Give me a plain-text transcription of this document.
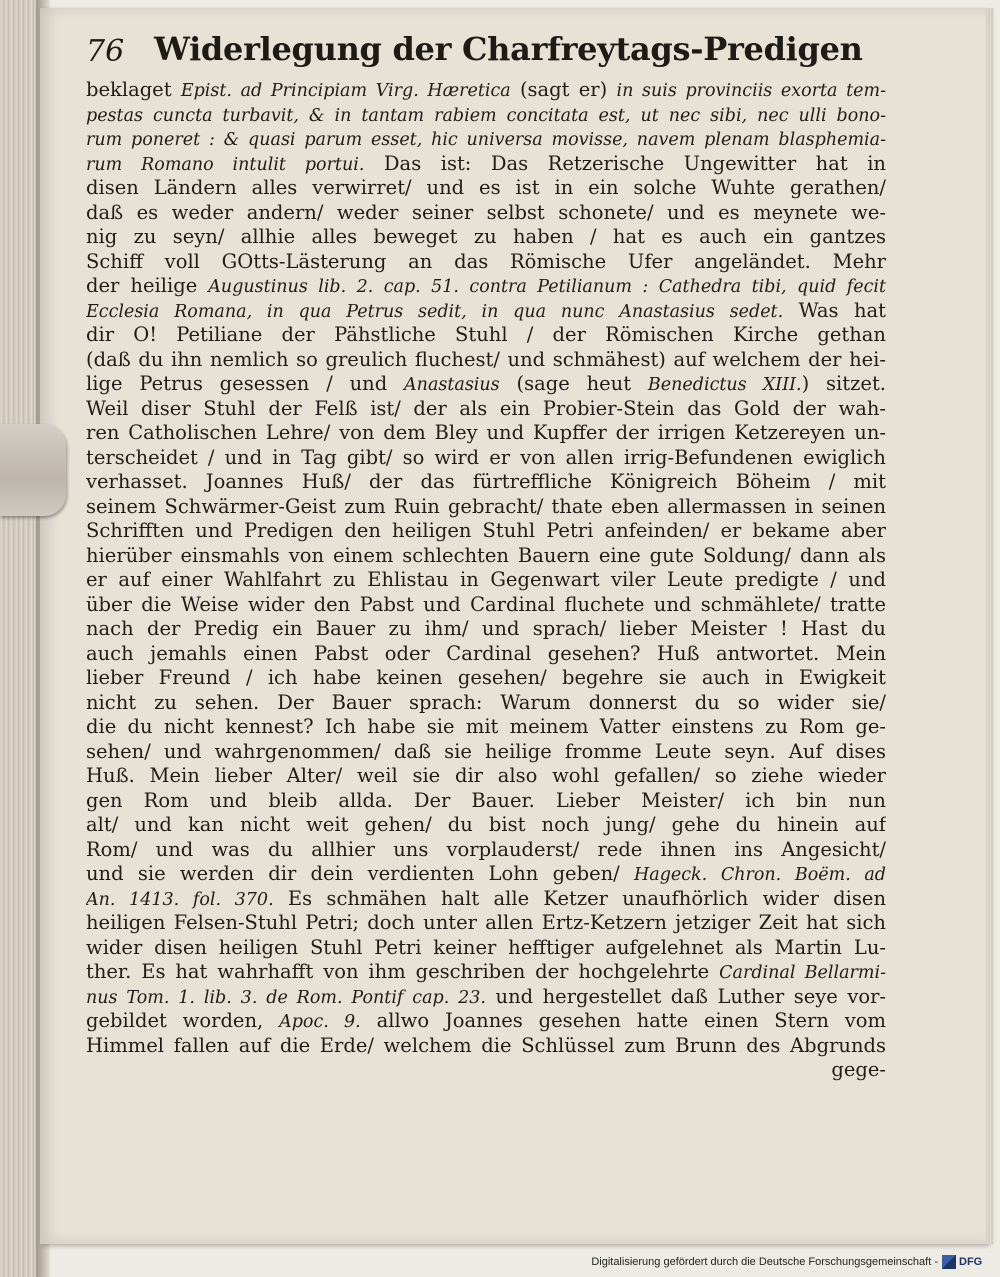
76 Widerlegung der Charfreytags-Predigen
beklaget Epist. ad Principiam Virg. Hæretica (sagt er) in suis provinciis exorta tem-
pestas cuncta turbavit, & in tantam rabiem concitata est, ut nec sibi, nec ulli bono-
rum poneret : & quasi parum esset, hic universa movisse, navem plenam blasphemia-
rum Romano intulit portui. Das ist: Das Retzerische Ungewitter hat in
disen Ländern alles verwirret/ und es ist in ein solche Wuhte gerathen/
daß es weder andern/ weder seiner selbst schonete/ und es meynete we-
nig zu seyn/ allhie alles beweget zu haben / hat es auch ein gantzes
Schiff voll GOtts-Lästerung an das Römische Ufer angeländet. Mehr
der heilige Augustinus lib. 2. cap. 51. contra Petilianum : Cathedra tibi, quid fecit
Ecclesia Romana, in qua Petrus sedit, in qua nunc Anastasius sedet. Was hat
dir O! Petiliane der Pähstliche Stuhl / der Römischen Kirche gethan
(daß du ihn nemlich so greulich fluchest/ und schmähest) auf welchem der hei-
lige Petrus gesessen / und Anastasius (sage heut Benedictus XIII.) sitzet.
Weil diser Stuhl der Felß ist/ der als ein Probier-Stein das Gold der wah-
ren Catholischen Lehre/ von dem Bley und Kupffer der irrigen Ketzereyen un-
terscheidet / und in Tag gibt/ so wird er von allen irrig-Befundenen ewiglich
verhasset. Joannes Huß/ der das fürtreffliche Königreich Böheim / mit
seinem Schwärmer-Geist zum Ruin gebracht/ thate eben allermassen in seinen
Schrifften und Predigen den heiligen Stuhl Petri anfeinden/ er bekame aber
hierüber einsmahls von einem schlechten Bauern eine gute Soldung/ dann als
er auf einer Wahlfahrt zu Ehlistau in Gegenwart viler Leute predigte / und
über die Weise wider den Pabst und Cardinal fluchete und schmählete/ tratte
nach der Predig ein Bauer zu ihm/ und sprach/ lieber Meister ! Hast du
auch jemahls einen Pabst oder Cardinal gesehen? Huß antwortet. Mein
lieber Freund / ich habe keinen gesehen/ begehre sie auch in Ewigkeit
nicht zu sehen. Der Bauer sprach: Warum donnerst du so wider sie/
die du nicht kennest? Ich habe sie mit meinem Vatter einstens zu Rom ge-
sehen/ und wahrgenommen/ daß sie heilige fromme Leute seyn. Auf dises
Huß. Mein lieber Alter/ weil sie dir also wohl gefallen/ so ziehe wieder
gen Rom und bleib allda. Der Bauer. Lieber Meister/ ich bin nun
alt/ und kan nicht weit gehen/ du bist noch jung/ gehe du hinein auf
Rom/ und was du allhier uns vorplauderst/ rede ihnen ins Angesicht/
und sie werden dir dein verdienten Lohn geben/ Hageck. Chron. Boëm. ad
An. 1413. fol. 370. Es schmähen halt alle Ketzer unaufhörlich wider disen
heiligen Felsen-Stuhl Petri; doch unter allen Ertz-Ketzern jetziger Zeit hat sich
wider disen heiligen Stuhl Petri keiner hefftiger aufgelehnet als Martin Lu-
ther. Es hat wahrhafft von ihm geschriben der hochgelehrte Cardinal Bellarmi-
nus Tom. 1. lib. 3. de Rom. Pontif cap. 23. und hergestellet daß Luther seye vor-
gebildet worden, Apoc. 9. allwo Joannes gesehen hatte einen Stern vom
Himmel fallen auf die Erde/ welchem die Schlüssel zum Brunn des Abgrunds
gege-
Digitalisierung gefördert durch die Deutsche Forschungsgemeinschaft - DFG
